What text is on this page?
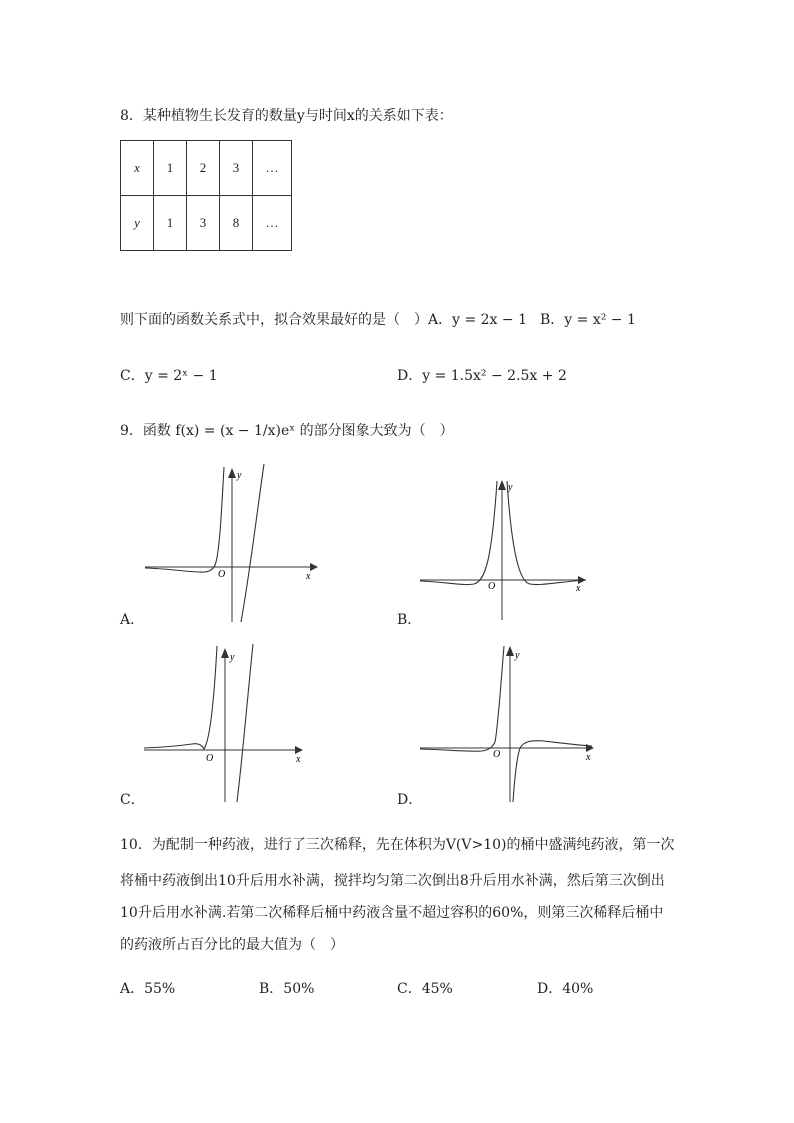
8．某种植物生长发育的数量y与时间x的关系如下表：
x	1	2	3	…
y	1	3	8	…
则下面的函数关系式中，拟合效果最好的是（　） A．y = 2x − 1 B．y = x² − 1
C．y = 2ˣ − 1	D．y = 1.5x² − 2.5x + 2
9．函数 f(x) = (x − 1/x)eˣ 的部分图象大致为（　）
O	x
y
A．
O	x
y
B．
O	x
y
C．
O	x
y
D．
10．为配制一种药液，进行了三次稀释，先在体积为V(V>10)的桶中盛满纯药液，第一次
将桶中药液倒出10升后用水补满，搅拌均匀第二次倒出8升后用水补满，然后第三次倒出
10升后用水补满.若第二次稀释后桶中药液含量不超过容积的60%，则第三次稀释后桶中
的药液所占百分比的最大值为（　）
A．55%	B．50%	C．45%	D．40%
